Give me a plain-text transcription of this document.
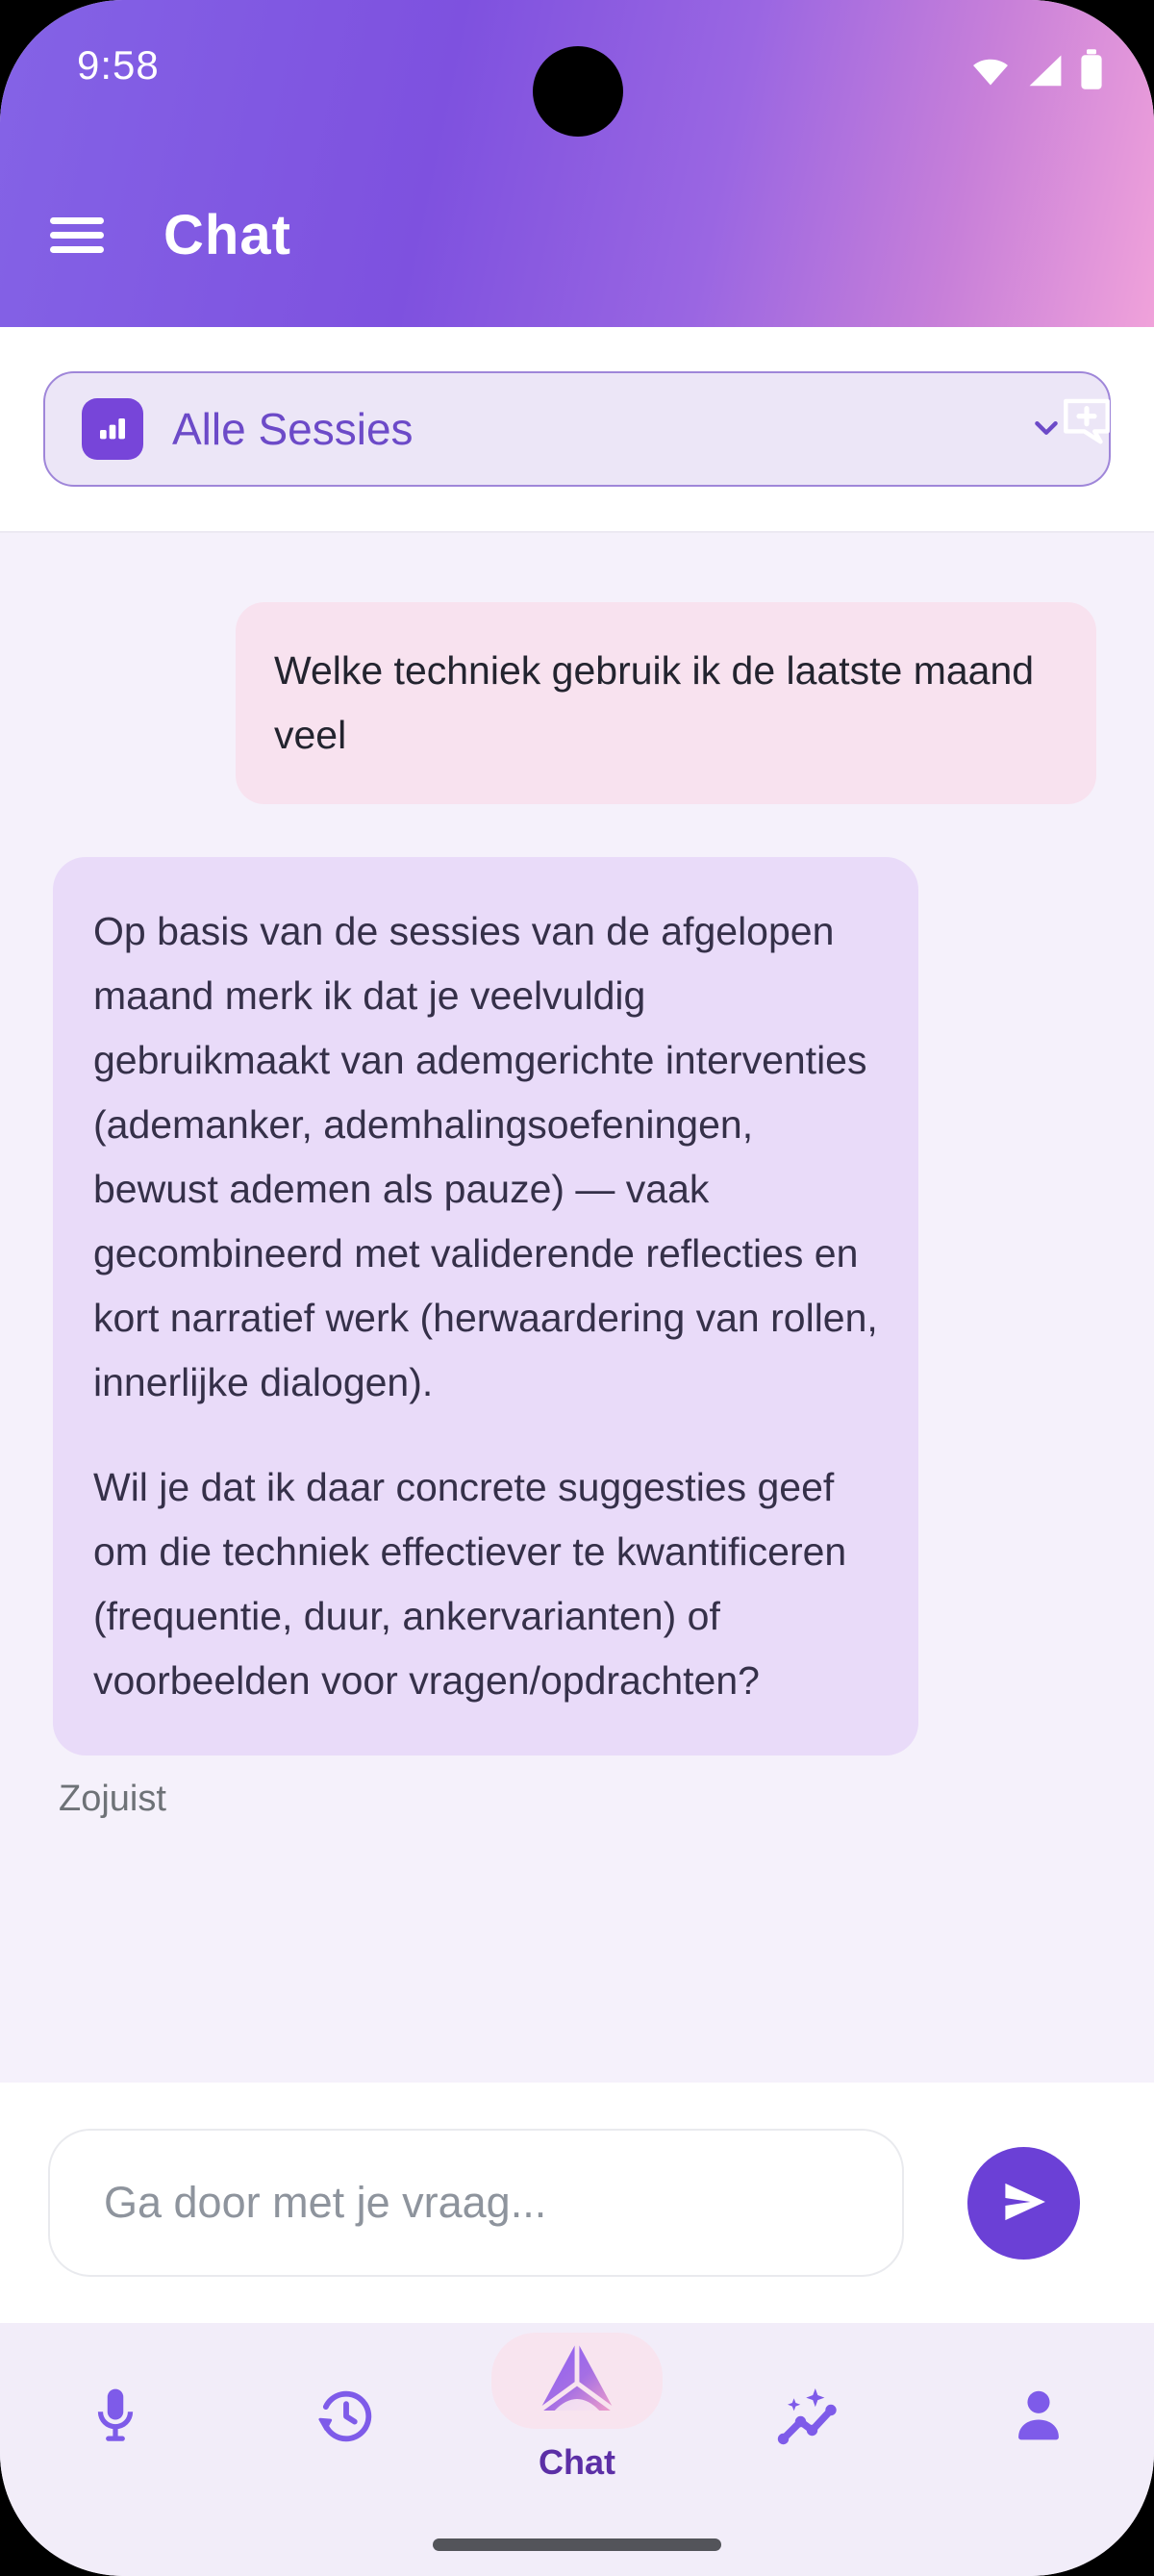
9:58
Chat
Alle Sessies
Welke techniek gebruik ik de laatste maand veel

Op basis van de sessies van de afgelopen maand merk ik dat je veelvuldig gebruikmaakt van ademgerichte interventies (ademanker, ademhalingsoefeningen, bewust ademen als pauze) — vaak gecombineerd met validerende reflecties en kort narratief werk (herwaardering van rollen, innerlijke dialogen).

Wil je dat ik daar concrete suggesties geef om die techniek effectiever te kwantificeren (frequentie, duur, ankervarianten) of voorbeelden voor vragen/opdrachten?

Zojuist
Ga door met je vraag...
Chat
